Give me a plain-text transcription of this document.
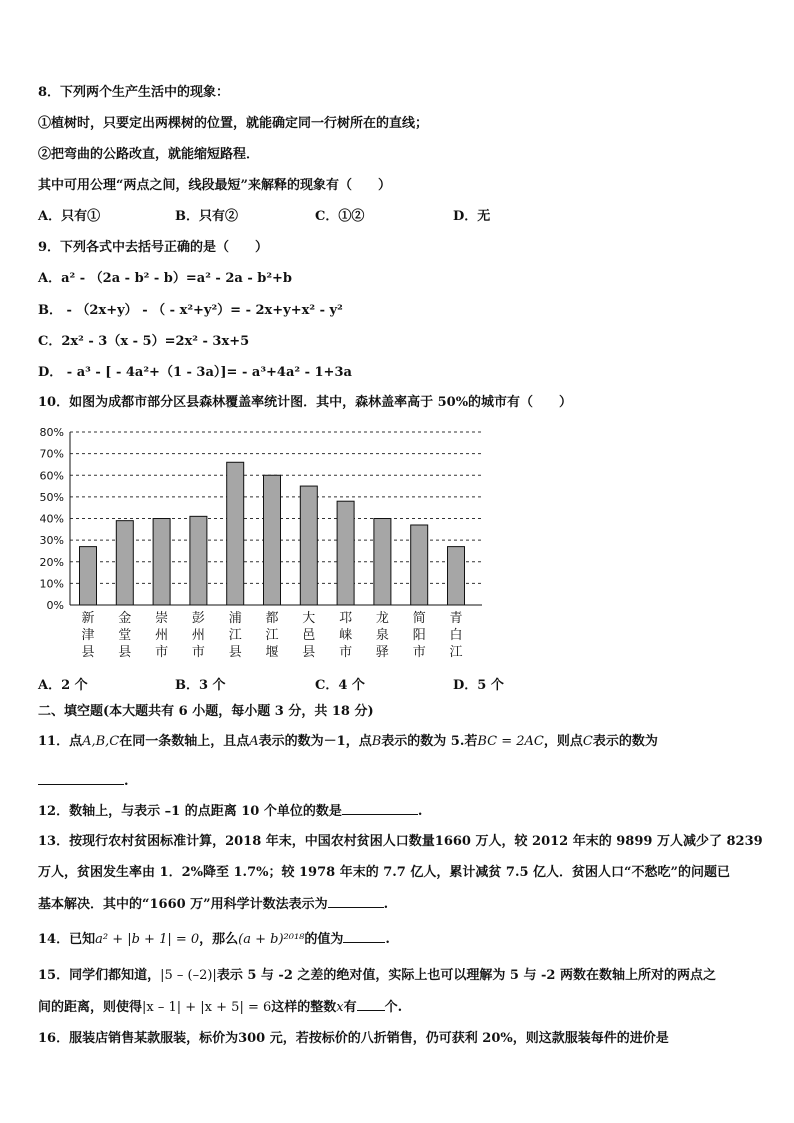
8．下列两个生产生活中的现象：
①植树时，只要定出两棵树的位置，就能确定同一行树所在的直线；
②把弯曲的公路改直，就能缩短路程．
其中可用公理“两点之间，线段最短”来解释的现象有（　　）
A．只有①	B．只有②	C．①②	D．无
9．下列各式中去括号正确的是（　　）
A．a² - （2a - b² - b）=a² - 2a - b²+b
B． - （2x+y） - （ - x²+y²）= - 2x+y+x² - y²
C．2x² - 3（x - 5）=2x² - 3x+5
D． - a³ - [ - 4a²+（1 - 3a）]= - a³+4a² - 1+3a
10．如图为成都市部分区县森林覆盖率统计图．其中，森林盖率高于 50%的城市有（　　）
0%
10%
20%
30%
40%
50%
60%
70%
80%
新
津
县
金
堂
县
崇
州
市
彭
州
市
浦
江
县
都
江
堰
大
邑
县
邛
崃
市
龙
泉
驿
简
阳
市
青
白
江
A．2 个	B．3 个	C．4 个	D．5 个
二、填空题(本大题共有 6 小题，每小题 3 分，共 18 分)
11．点A,B,C在同一条数轴上，且点A表示的数为－1，点B表示的数为 5.若BC = 2AC，则点C表示的数为
.
12．数轴上，与表示 –1 的点距离 10 个单位的数是	.
13．按现行农村贫困标准计算，2018 年末，中国农村贫困人口数量1660 万人，较 2012 年末的 9899 万人减少了 8239
万人，贫困发生率由 1．2%降至 1.7%；较 1978 年末的 7.7 亿人，累计减贫 7.5 亿人．贫困人口“不愁吃”的问题已
基本解决．其中的“1660 万”用科学计数法表示为	.
14．已知a² + |b + 1| = 0，那么(a + b)²⁰¹⁸的值为	.
15．同学们都知道，|5 – (–2)|表示 5 与 -2 之差的绝对值，实际上也可以理解为 5 与 -2 两数在数轴上所对的两点之
间的距离，则使得|x – 1| + |x + 5| = 6这样的整数x有 个.
16．服装店销售某款服装，标价为300 元，若按标价的八折销售，仍可获利 20%，则这款服装每件的进价是
